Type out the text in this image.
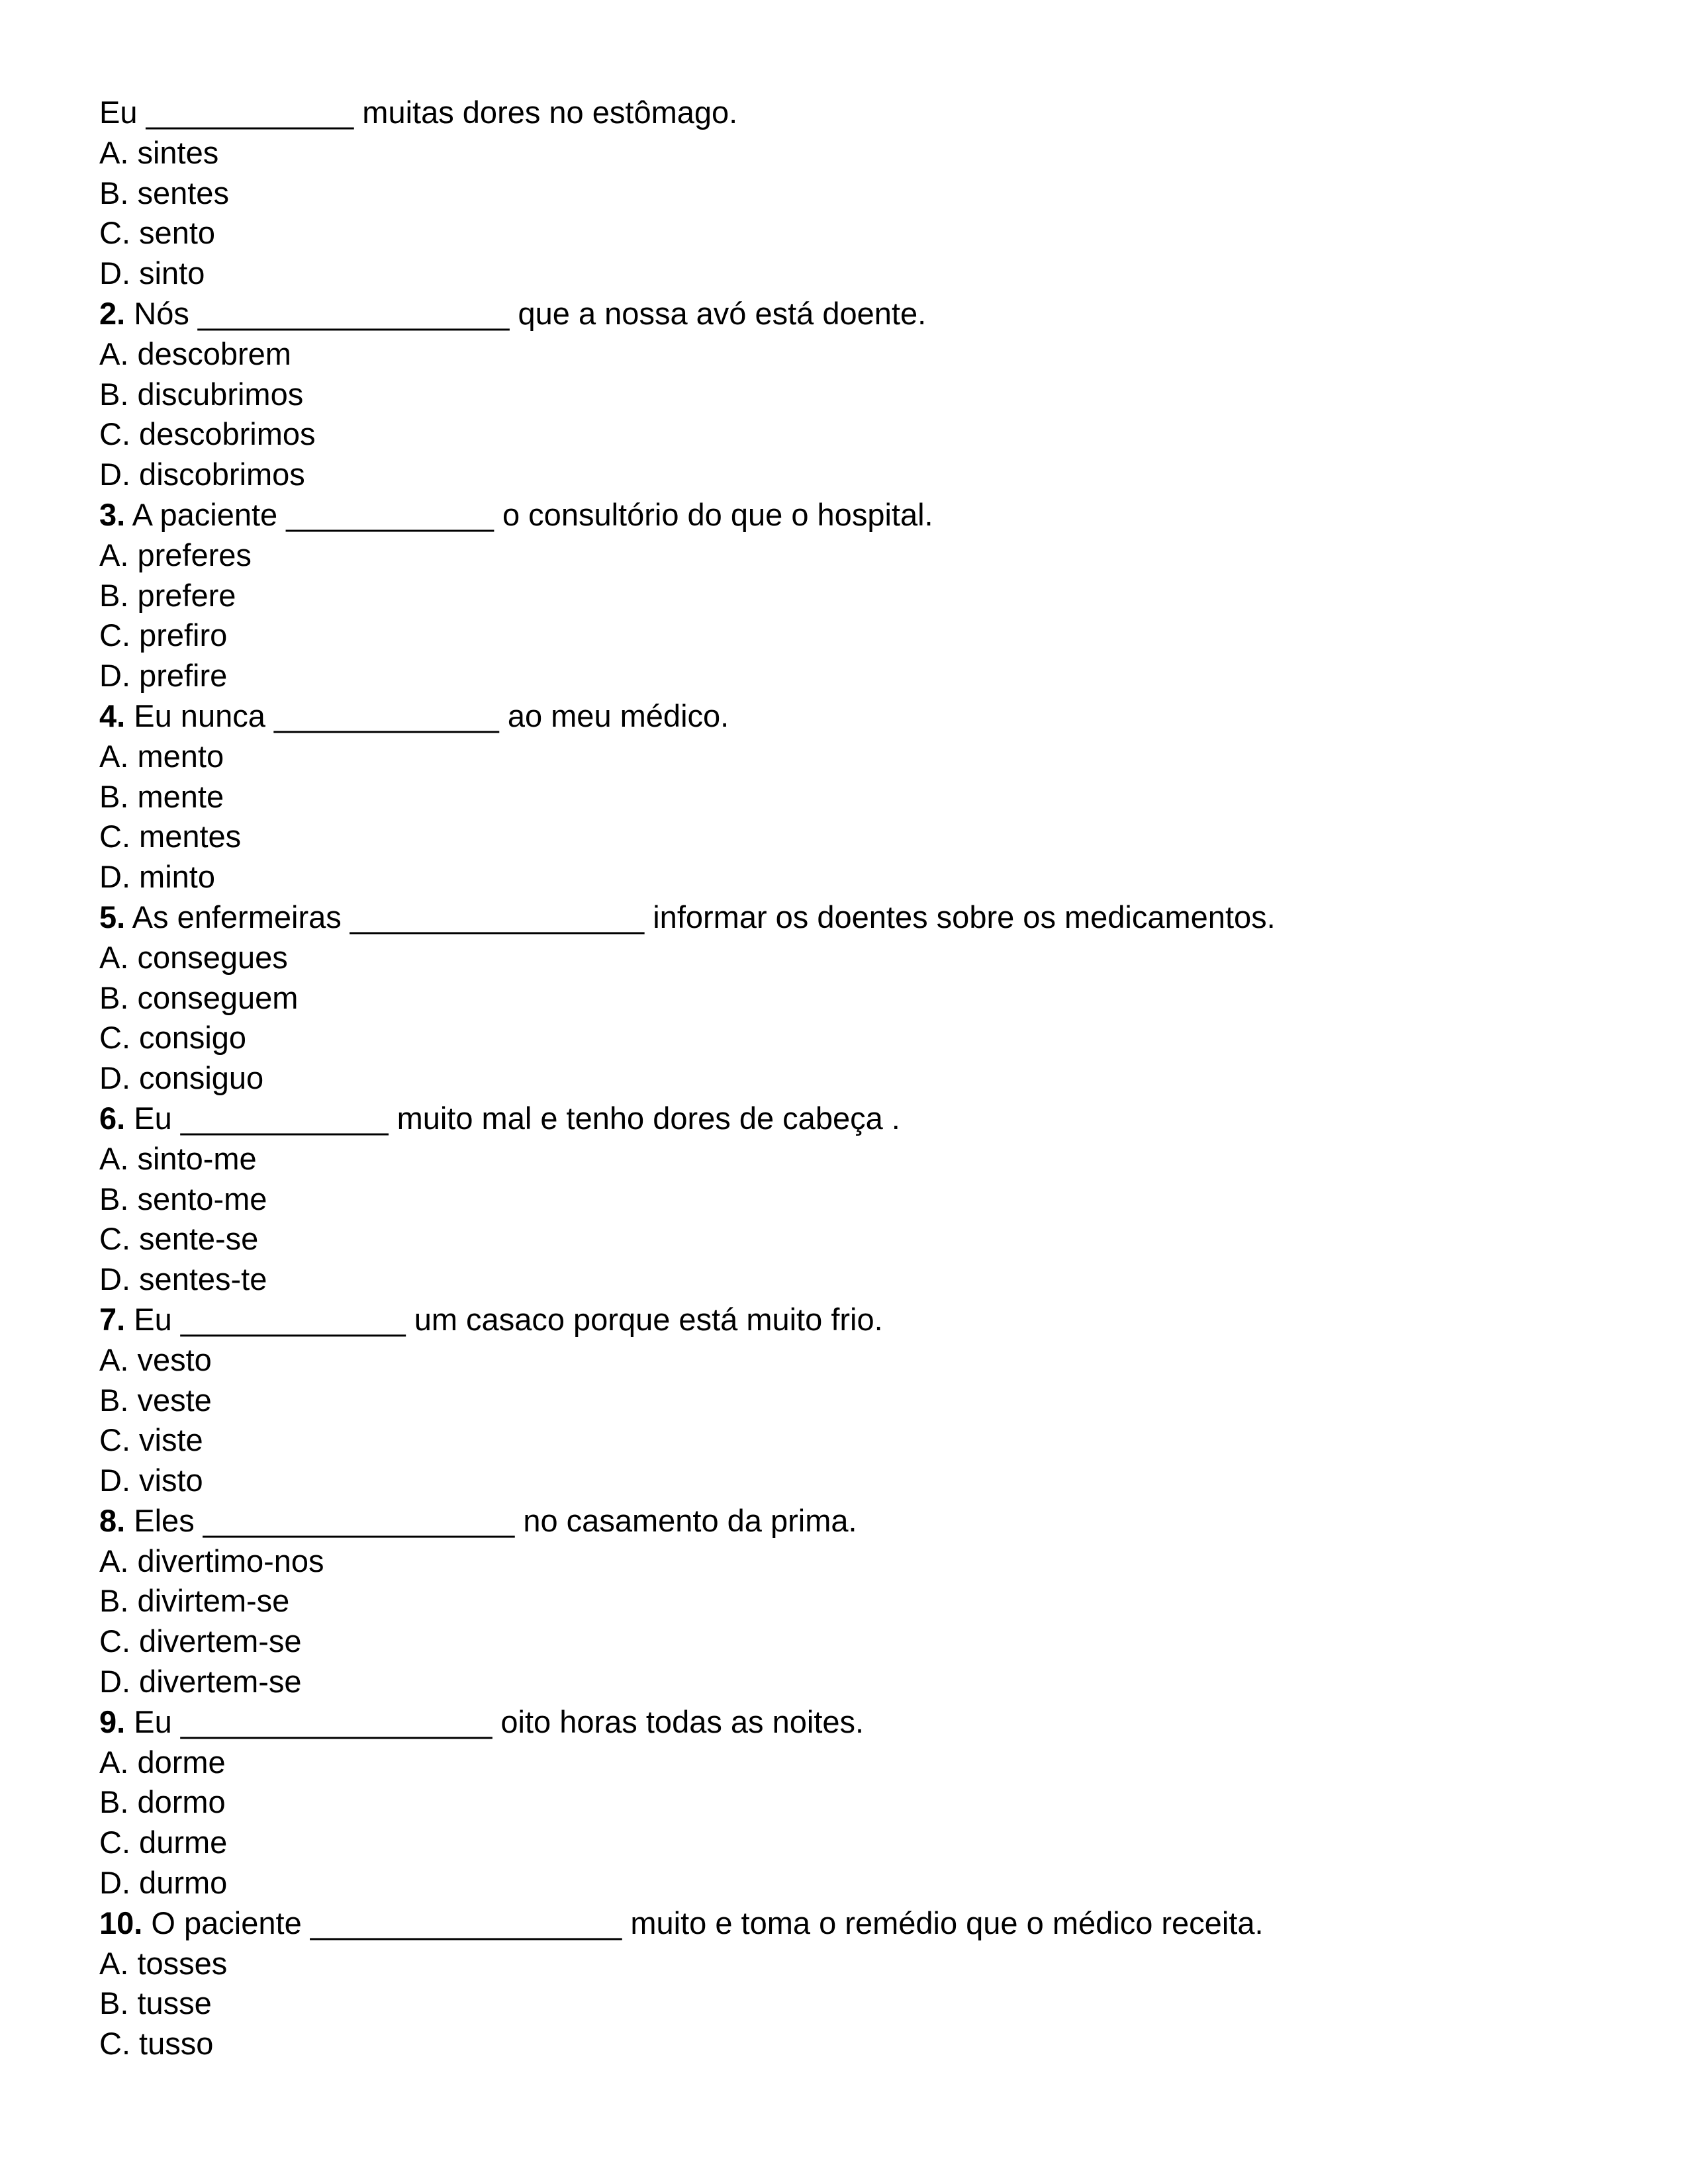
Eu ____________ muitas dores no estômago.
A. sintes
B. sentes
C. sento
D. sinto
2. Nós __________________ que a nossa avó está doente.
A. descobrem
B. discubrimos
C. descobrimos
D. discobrimos
3. A paciente ____________ o consultório do que o hospital.
A. preferes
B. prefere
C. prefiro
D. prefire
4. Eu nunca _____________ ao meu médico.
A. mento
B. mente
C. mentes
D. minto
5. As enfermeiras _________________ informar os doentes sobre os medicamentos.
A. consegues
B. conseguem
C. consigo
D. consiguo
6. Eu ____________ muito mal e tenho dores de cabeça .
A. sinto-me
B. sento-me
C. sente-se
D. sentes-te
7. Eu _____________ um casaco porque está muito frio.
A. vesto
B. veste
C. viste
D. visto
8. Eles __________________ no casamento da prima.
A. divertimo-nos
B. divirtem-se
C. divertem-se
D. divertem-se
9. Eu __________________ oito horas todas as noites.
A. dorme
B. dormo
C. durme
D. durmo
10. O paciente __________________ muito e toma o remédio que o médico receita.
A. tosses
B. tusse
C. tusso
